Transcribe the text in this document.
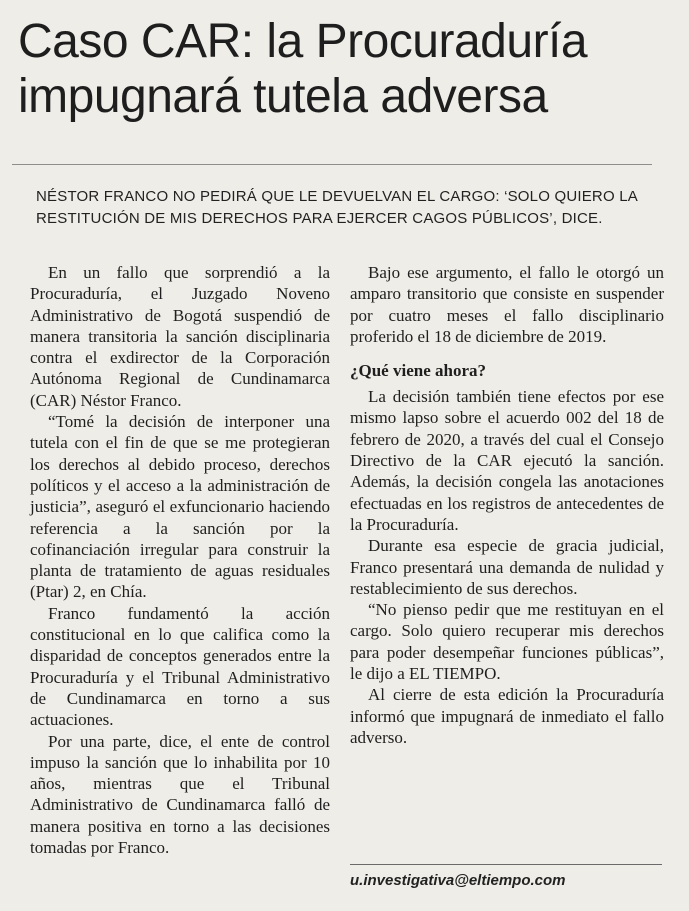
Caso CAR: la Procuraduría impugnará tutela adversa

NÉSTOR FRANCO NO PEDIRÁ QUE LE DEVUELVAN EL CARGO: ‘SOLO QUIERO LA RESTITUCIÓN DE MIS DERECHOS PARA EJERCER CAGOS PÚBLICOS’, DICE.

En un fallo que sorprendió a la Procuraduría, el Juzgado Noveno Administrativo de Bogotá suspendió de manera transitoria la sanción disciplinaria contra el exdirector de la Corporación Autónoma Regional de Cundinamarca (CAR) Néstor Franco.

“Tomé la decisión de interponer una tutela con el fin de que se me protegieran los derechos al debido proceso, derechos políticos y el acceso a la administración de justicia”, aseguró el exfuncionario haciendo referencia a la sanción por la cofinanciación irregular para construir la planta de tratamiento de aguas residuales (Ptar) 2, en Chía.

Franco fundamentó la acción constitucional en lo que califica como la disparidad de conceptos generados entre la Procuraduría y el Tribunal Administrativo de Cundinamarca en torno a sus actuaciones.

Por una parte, dice, el ente de control impuso la sanción que lo inhabilita por 10 años, mientras que el Tribunal Administrativo de Cundinamarca falló de manera positiva en torno a las decisiones tomadas por Franco.

Bajo ese argumento, el fallo le otorgó un amparo transitorio que consiste en suspender por cuatro meses el fallo disciplinario proferido el 18 de diciembre de 2019.

¿Qué viene ahora?

La decisión también tiene efectos por ese mismo lapso sobre el acuerdo 002 del 18 de febrero de 2020, a través del cual el Consejo Directivo de la CAR ejecutó la sanción. Además, la decisión congela las anotaciones efectuadas en los registros de antecedentes de la Procuraduría.

Durante esa especie de gracia judicial, Franco presentará una demanda de nulidad y restablecimiento de sus derechos.

“No pienso pedir que me restituyan en el cargo. Solo quiero recuperar mis derechos para poder desempeñar funciones públicas”, le dijo a EL TIEMPO.

Al cierre de esta edición la Procuraduría informó que impugnará de inmediato el fallo adverso.

u.investigativa@eltiempo.com
